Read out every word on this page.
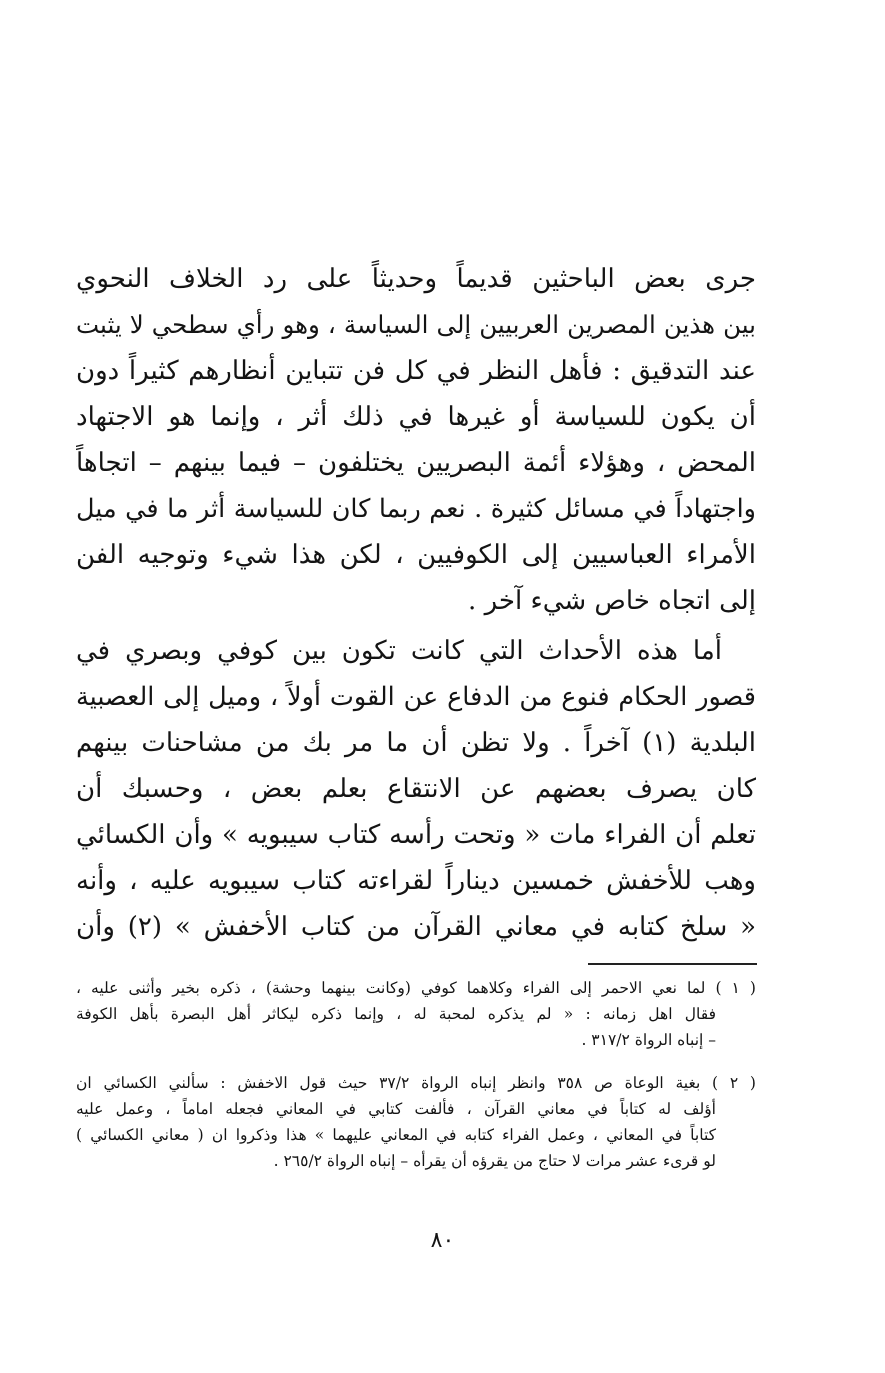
جرى بعض الباحثين قديماً وحديثاً على رد الخلاف النحوي
بين هذين المصرين العربيين إلى السياسة ، وهو رأي سطحي لا يثبت
عند التدقيق : فأهل النظر في كل فن تتباين أنظارهم كثيراً دون
أن يكون للسياسة أو غيرها في ذلك أثر ، وإنما هو الاجتهاد
المحض ، وهؤلاء أئمة البصريين يختلفون – فيما بينهم – اتجاهاً
واجتهاداً في مسائل كثيرة . نعم ربما كان للسياسة أثر ما في ميل
الأمراء العباسيين إلى الكوفيين ، لكن هذا شيء وتوجيه الفن
إلى اتجاه خاص شيء آخر .
أما هذه الأحداث التي كانت تكون بين كوفي وبصري في
قصور الحكام فنوع من الدفاع عن القوت أولاً ، وميل إلى العصبية
البلدية (١) آخراً . ولا تظن أن ما مر بك من مشاحنات بينهم
كان يصرف بعضهم عن الانتقاع بعلم بعض ، وحسبك أن
تعلم أن الفراء مات « وتحت رأسه كتاب سيبويه » وأن الكسائي
وهب للأخفش خمسين ديناراً لقراءته كتاب سيبويه عليه ، وأنه
« سلخ كتابه في معاني القرآن من كتاب الأخفش » (٢) وأن
( ١ ) لما نعي الاحمر إلى الفراء وكلاهما كوفي (وكانت بينهما وحشة) ، ذكره بخير وأثنى عليه ،
فقال اهل زمانه : « لم يذكره لمحبة له ، وإنما ذكره ليكاثر أهل البصرة بأهل الكوفة
– إنباه الرواة ٣١٧/٢ .
( ٢ ) بغية الوعاة ص ٣٥٨ وانظر إنباه الرواة ٣٧/٢ حيث قول الاخفش : سألني الكسائي ان
أؤلف له كتاباً في معاني القرآن ، فألفت كتابي في المعاني فجعله اماماً ، وعمل عليه
كتاباً في المعاني ، وعمل الفراء كتابه في المعاني عليهما » هذا وذكروا ان ( معاني الكسائي )
لو قرىء عشر مرات لا حتاج من يقرؤه أن يقرأه – إنباه الرواة ٢٦٥/٢ .
٨٠
